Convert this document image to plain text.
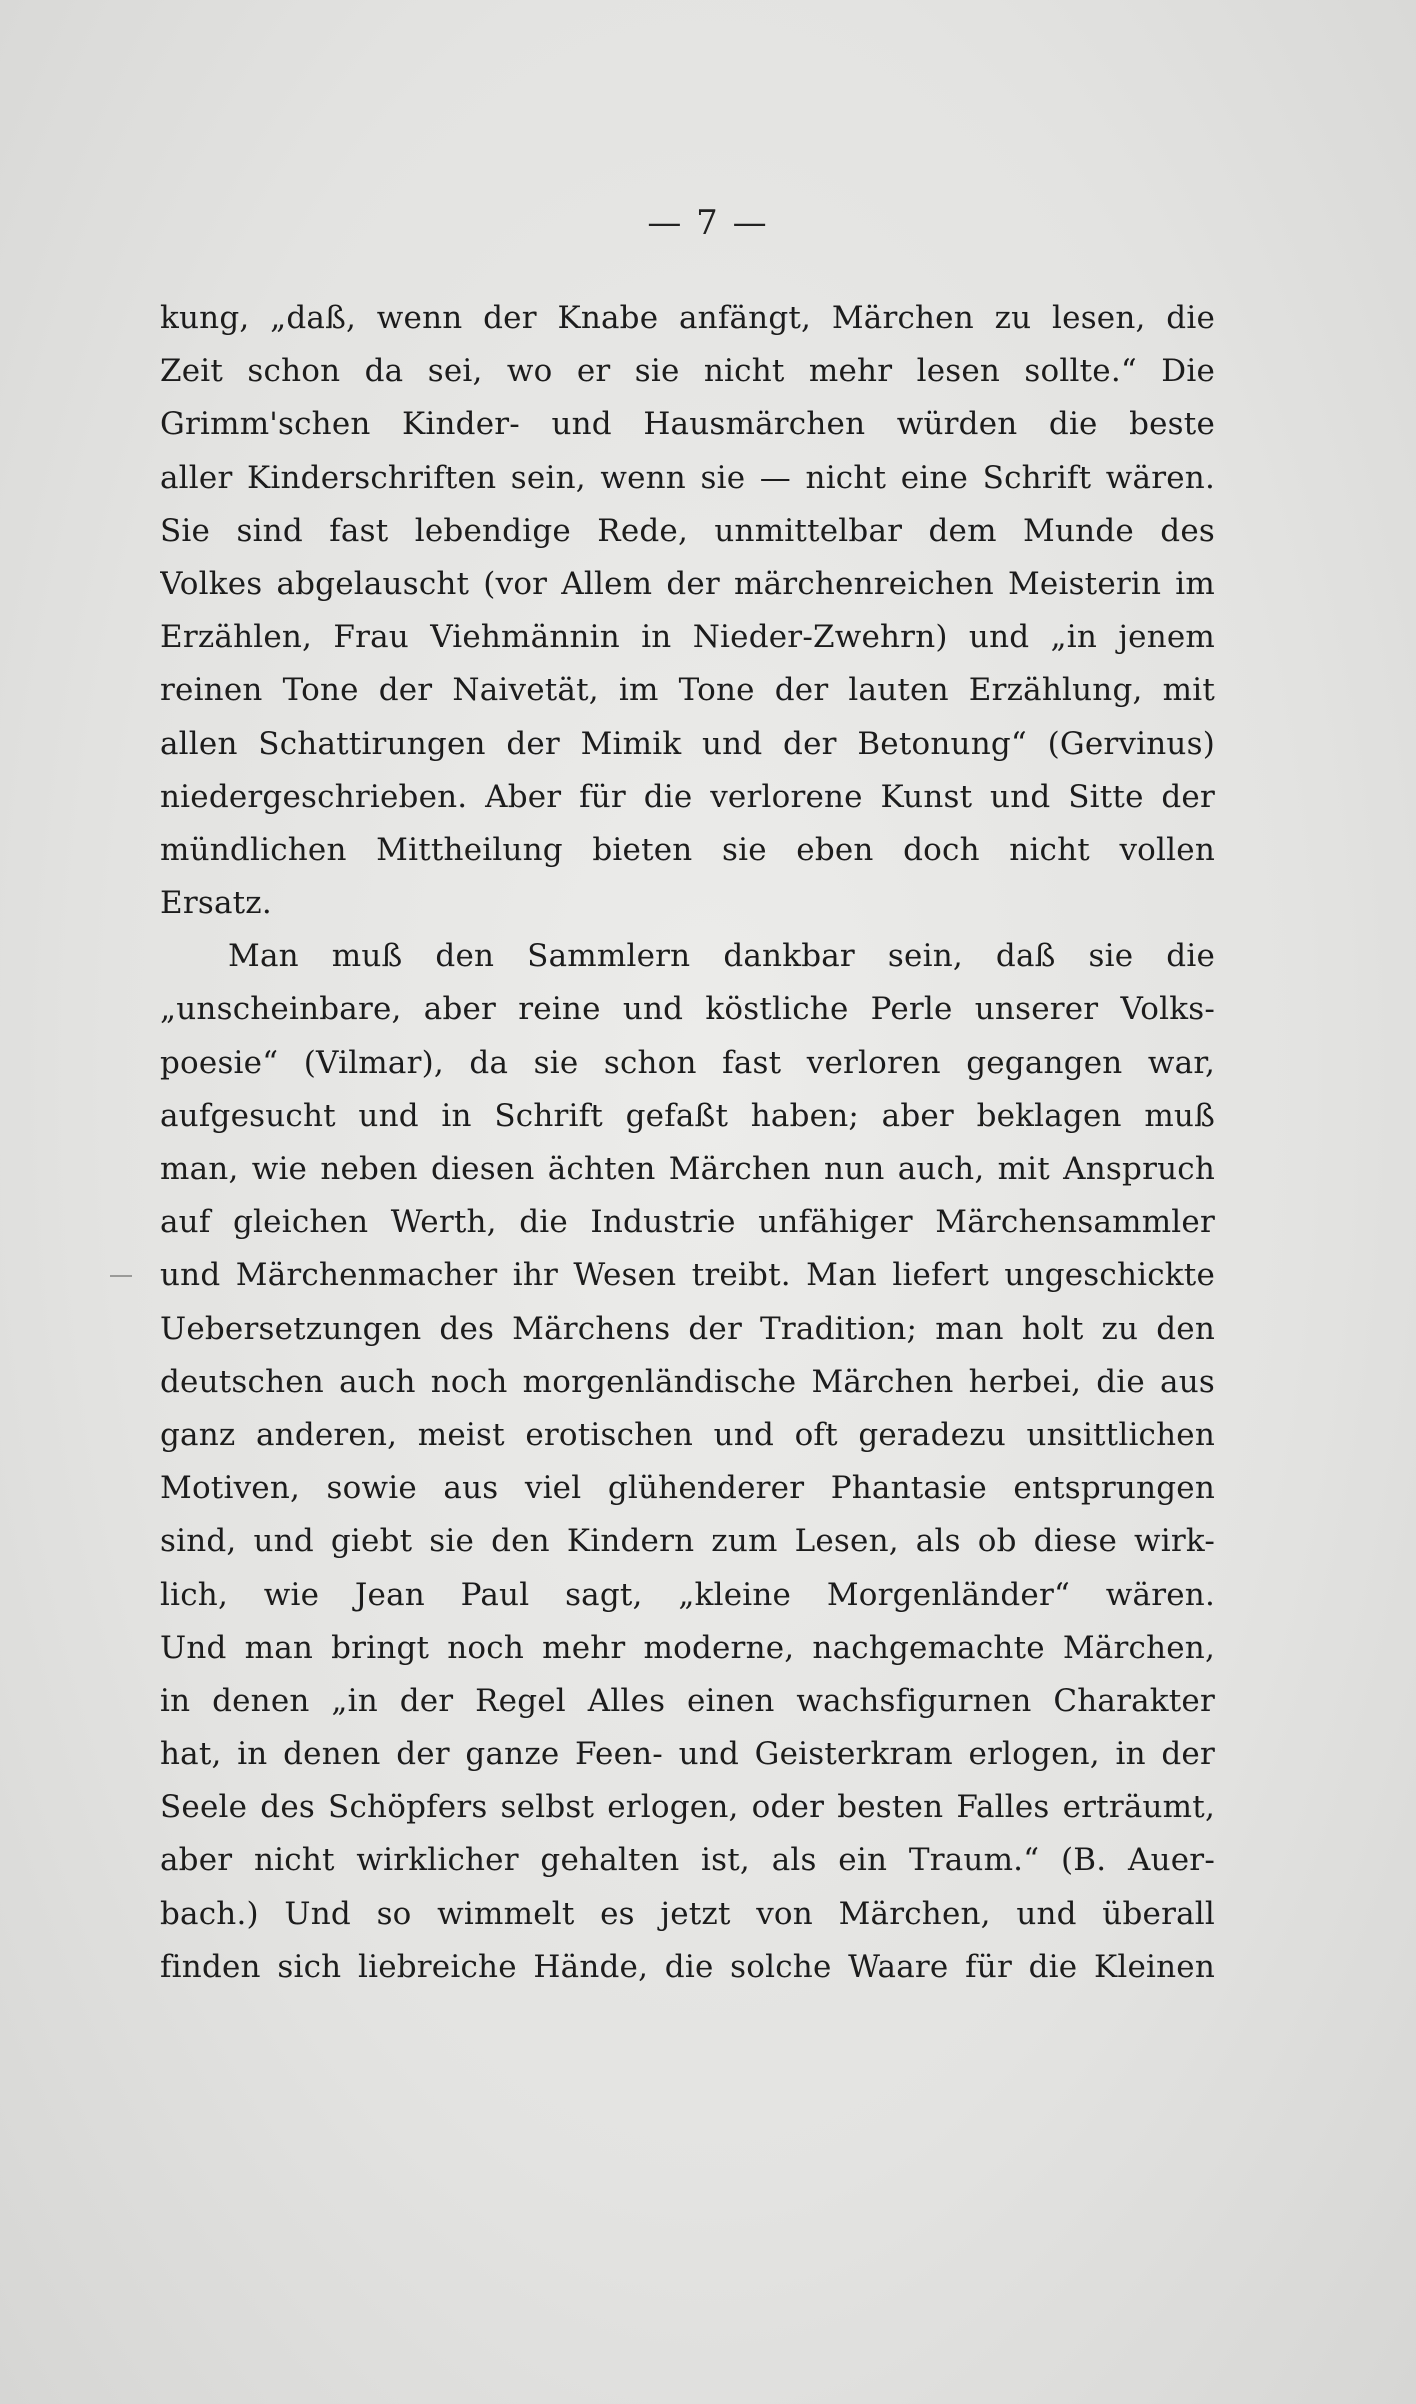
— 7 —
kung, „daß, wenn der Knabe anfängt, Märchen zu lesen, die
Zeit schon da sei, wo er sie nicht mehr lesen sollte.“ Die
Grimm'schen Kinder- und Hausmärchen würden die beste
aller Kinderschriften sein, wenn sie — nicht eine Schrift wären.
Sie sind fast lebendige Rede, unmittelbar dem Munde des
Volkes abgelauscht (vor Allem der märchenreichen Meisterin im
Erzählen, Frau Viehmännin in Nieder-Zwehrn) und „in jenem
reinen Tone der Naivetät, im Tone der lauten Erzählung, mit
allen Schattirungen der Mimik und der Betonung“ (Gervinus)
niedergeschrieben. Aber für die verlorene Kunst und Sitte der
mündlichen Mittheilung bieten sie eben doch nicht vollen
Ersatz.
Man muß den Sammlern dankbar sein, daß sie die
„unscheinbare, aber reine und köstliche Perle unserer Volks-
poesie“ (Vilmar), da sie schon fast verloren gegangen war,
aufgesucht und in Schrift gefaßt haben; aber beklagen muß
man, wie neben diesen ächten Märchen nun auch, mit Anspruch
auf gleichen Werth, die Industrie unfähiger Märchensammler
und Märchenmacher ihr Wesen treibt. Man liefert ungeschickte
Uebersetzungen des Märchens der Tradition; man holt zu den
deutschen auch noch morgenländische Märchen herbei, die aus
ganz anderen, meist erotischen und oft geradezu unsittlichen
Motiven, sowie aus viel glühenderer Phantasie entsprungen
sind, und giebt sie den Kindern zum Lesen, als ob diese wirk-
lich, wie Jean Paul sagt, „kleine Morgenländer“ wären.
Und man bringt noch mehr moderne, nachgemachte Märchen,
in denen „in der Regel Alles einen wachsfigurnen Charakter
hat, in denen der ganze Feen- und Geisterkram erlogen, in der
Seele des Schöpfers selbst erlogen, oder besten Falles erträumt,
aber nicht wirklicher gehalten ist, als ein Traum.“ (B. Auer-
bach.) Und so wimmelt es jetzt von Märchen, und überall
finden sich liebreiche Hände, die solche Waare für die Kleinen
